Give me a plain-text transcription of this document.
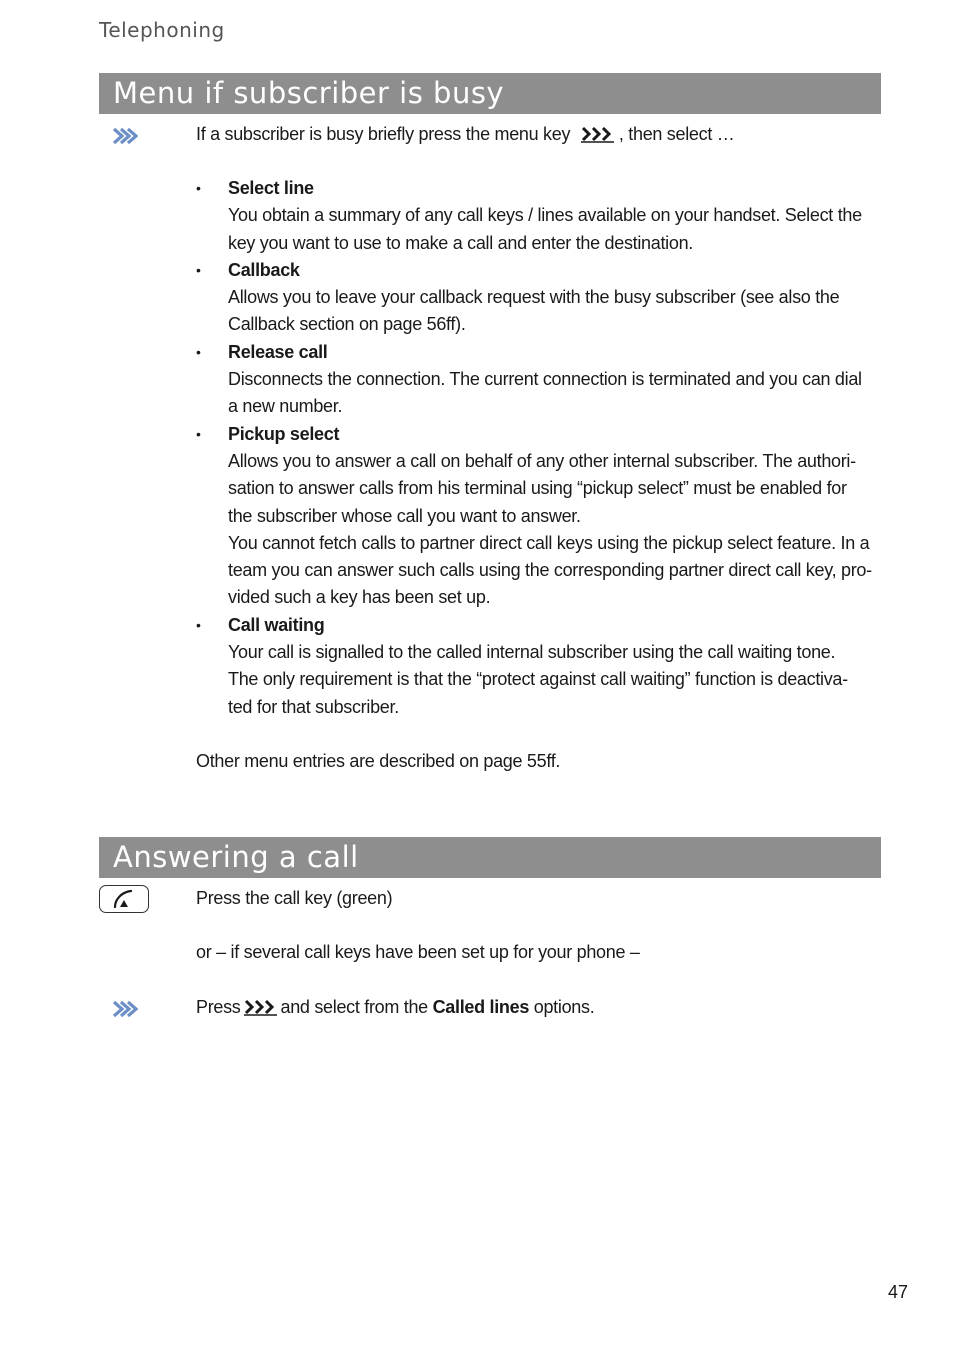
Telephoning
Menu if subscriber is busy
If a subscriber is busy briefly press the menu key	, then select …
• Select line
You obtain a summary of any call keys / lines available on your handset. Select the
key you want to use to make a call and enter the destination.
• Callback
Allows you to leave your callback request with the busy subscriber (see also the
Callback section on page 56ff).
• Release call
Disconnects the connection. The current connection is terminated and you can dial
a new number.
• Pickup select
Allows you to answer a call on behalf of any other internal subscriber. The authori-
sation to answer calls from his terminal using “pickup select” must be enabled for
the subscriber whose call you want to answer.
You cannot fetch calls to partner direct call keys using the pickup select feature. In a
team you can answer such calls using the corresponding partner direct call key, pro-
vided such a key has been set up.
• Call waiting
Your call is signalled to the called internal subscriber using the call waiting tone.
The only requirement is that the “protect against call waiting” function is deactiva-
ted for that subscriber.
Other menu entries are described on page 55ff.
Answering a call
Press the call key (green)
or – if several call keys have been set up for your phone –
Press and select from the Called lines options.
47
